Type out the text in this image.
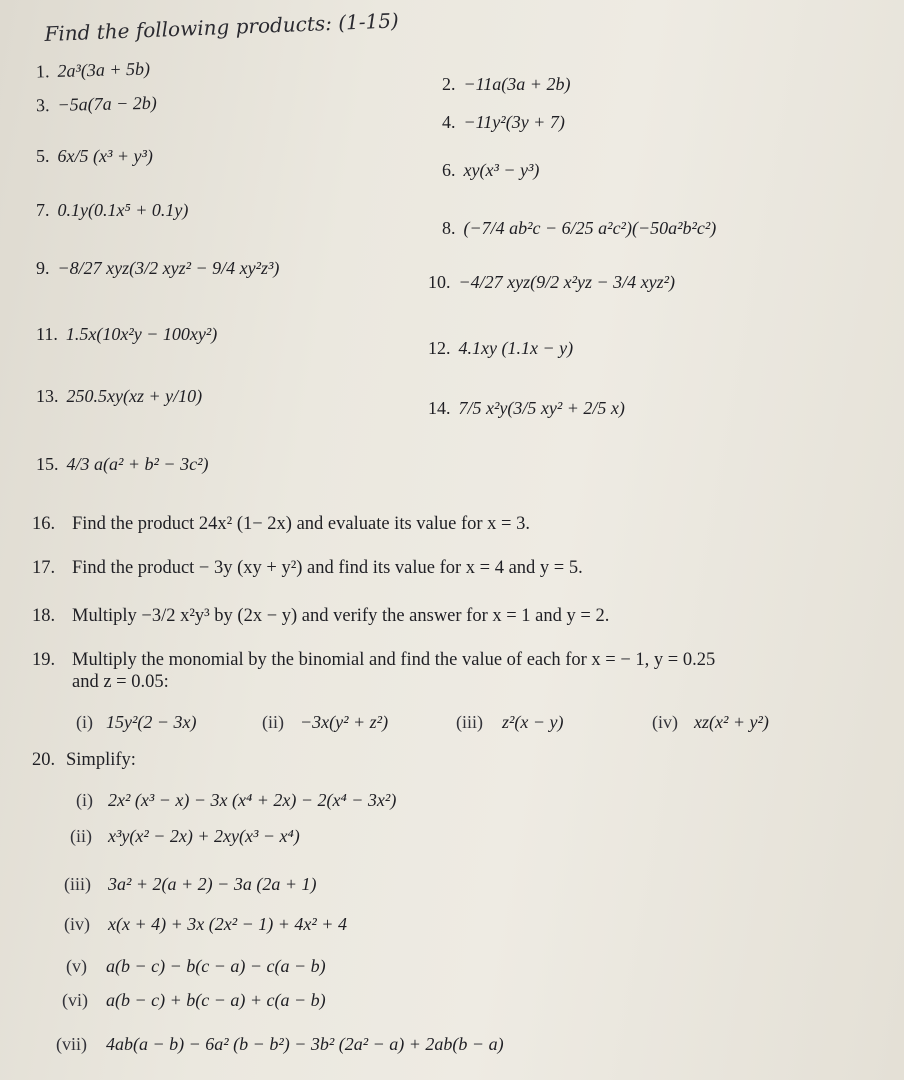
Find the following products: (1-15)
1. 2a³(3a + 5b)
2. −11a(3a + 2b)
3. −5a(7a − 2b)
4. −11y²(3y + 7)
5. 6x/5 (x³ + y³)
6. xy(x³ − y³)
7. 0.1y(0.1x⁵ + 0.1y)
8. (−7/4 ab²c − 6/25 a²c²)(−50a²b²c²)
9. −8/27 xyz(3/2 xyz² − 9/4 xy²z³)
10. −4/27 xyz(9/2 x²yz − 3/4 xyz²)
11. 1.5x(10x²y − 100xy²)
12. 4.1xy (1.1x − y)
13. 250.5xy(xz + y/10)
14. 7/5 x²y(3/5 xy² + 2/5 x)
15. 4/3 a(a² + b² − 3c²)
16. Find the product 24x² (1− 2x) and evaluate its value for x = 3.
17. Find the product − 3y (xy + y²) and find its value for x = 4 and y = 5.
18. Multiply −3/2 x²y³ by (2x − y) and verify the answer for x = 1 and y = 2.
19. Multiply the monomial by the binomial and find the value of each for x = − 1, y = 0.25
and z = 0.05:
(i) 15y²(2 − 3x)	(ii) −3x(y² + z²)	(iii) z²(x − y)	(iv) xz(x² + y²)
20. Simplify:
(i) 2x² (x³ − x) − 3x (x⁴ + 2x) − 2(x⁴ − 3x²)
(ii) x³y(x² − 2x) + 2xy(x³ − x⁴)
(iii) 3a² + 2(a + 2) − 3a (2a + 1)
(iv) x(x + 4) + 3x (2x² − 1) + 4x² + 4
(v) a(b − c) − b(c − a) − c(a − b)
(vi) a(b − c) + b(c − a) + c(a − b)
(vii) 4ab(a − b) − 6a² (b − b²) − 3b² (2a² − a) + 2ab(b − a)
